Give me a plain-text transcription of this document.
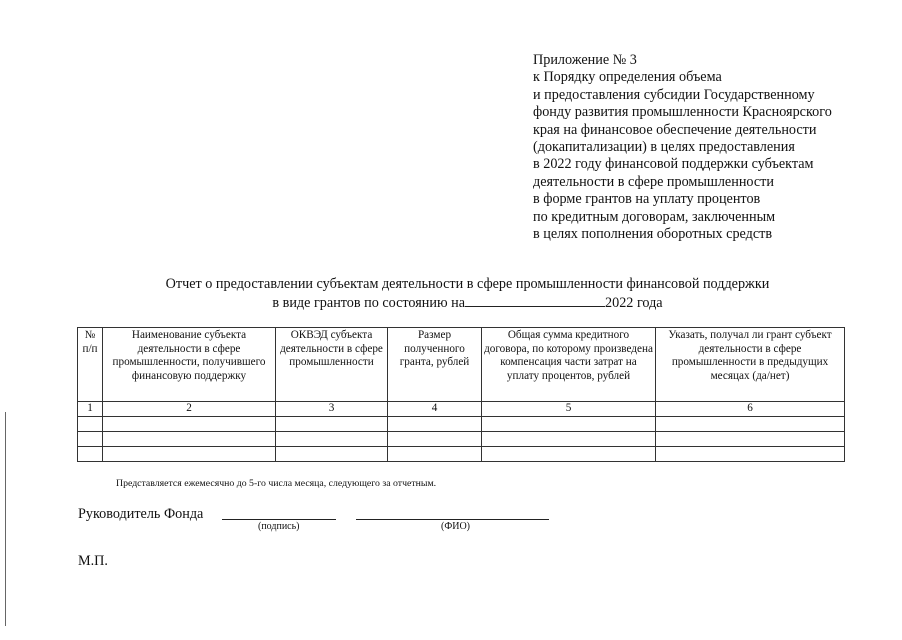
Приложение № 3
к Порядку определения объема
и предоставления субсидии Государственному
фонду развития промышленности Красноярского
края на финансовое обеспечение деятельности
(докапитализации) в целях предоставления
в 2022 году финансовой поддержки субъектам
деятельности в сфере промышленности
в форме грантов на уплату процентов
по кредитным договорам, заключенным
в целях пополнения оборотных средств
Отчет о предоставлении субъектам деятельности в сфере промышленности финансовой поддержки
в виде грантов по состоянию на	2022 года
№ п/п	Наименование субъекта деятельности в сфере промышленности, получившего финансовую поддержку	ОКВЭД субъекта деятельности в сфере промышленности	Размер полученного гранта, рублей	Общая сумма кредитного договора, по которому произведена компенсация части затрат на уплату процентов, рублей	Указать, получал ли грант субъект деятельности в сфере промышленности в предыдущих месяцах (да/нет)
1	2	3	4	5	6

Представляется ежемесячно до 5-го числа месяца, следующего за отчетным.
Руководитель Фонда
(подпись)	(ФИО)
М.П.
